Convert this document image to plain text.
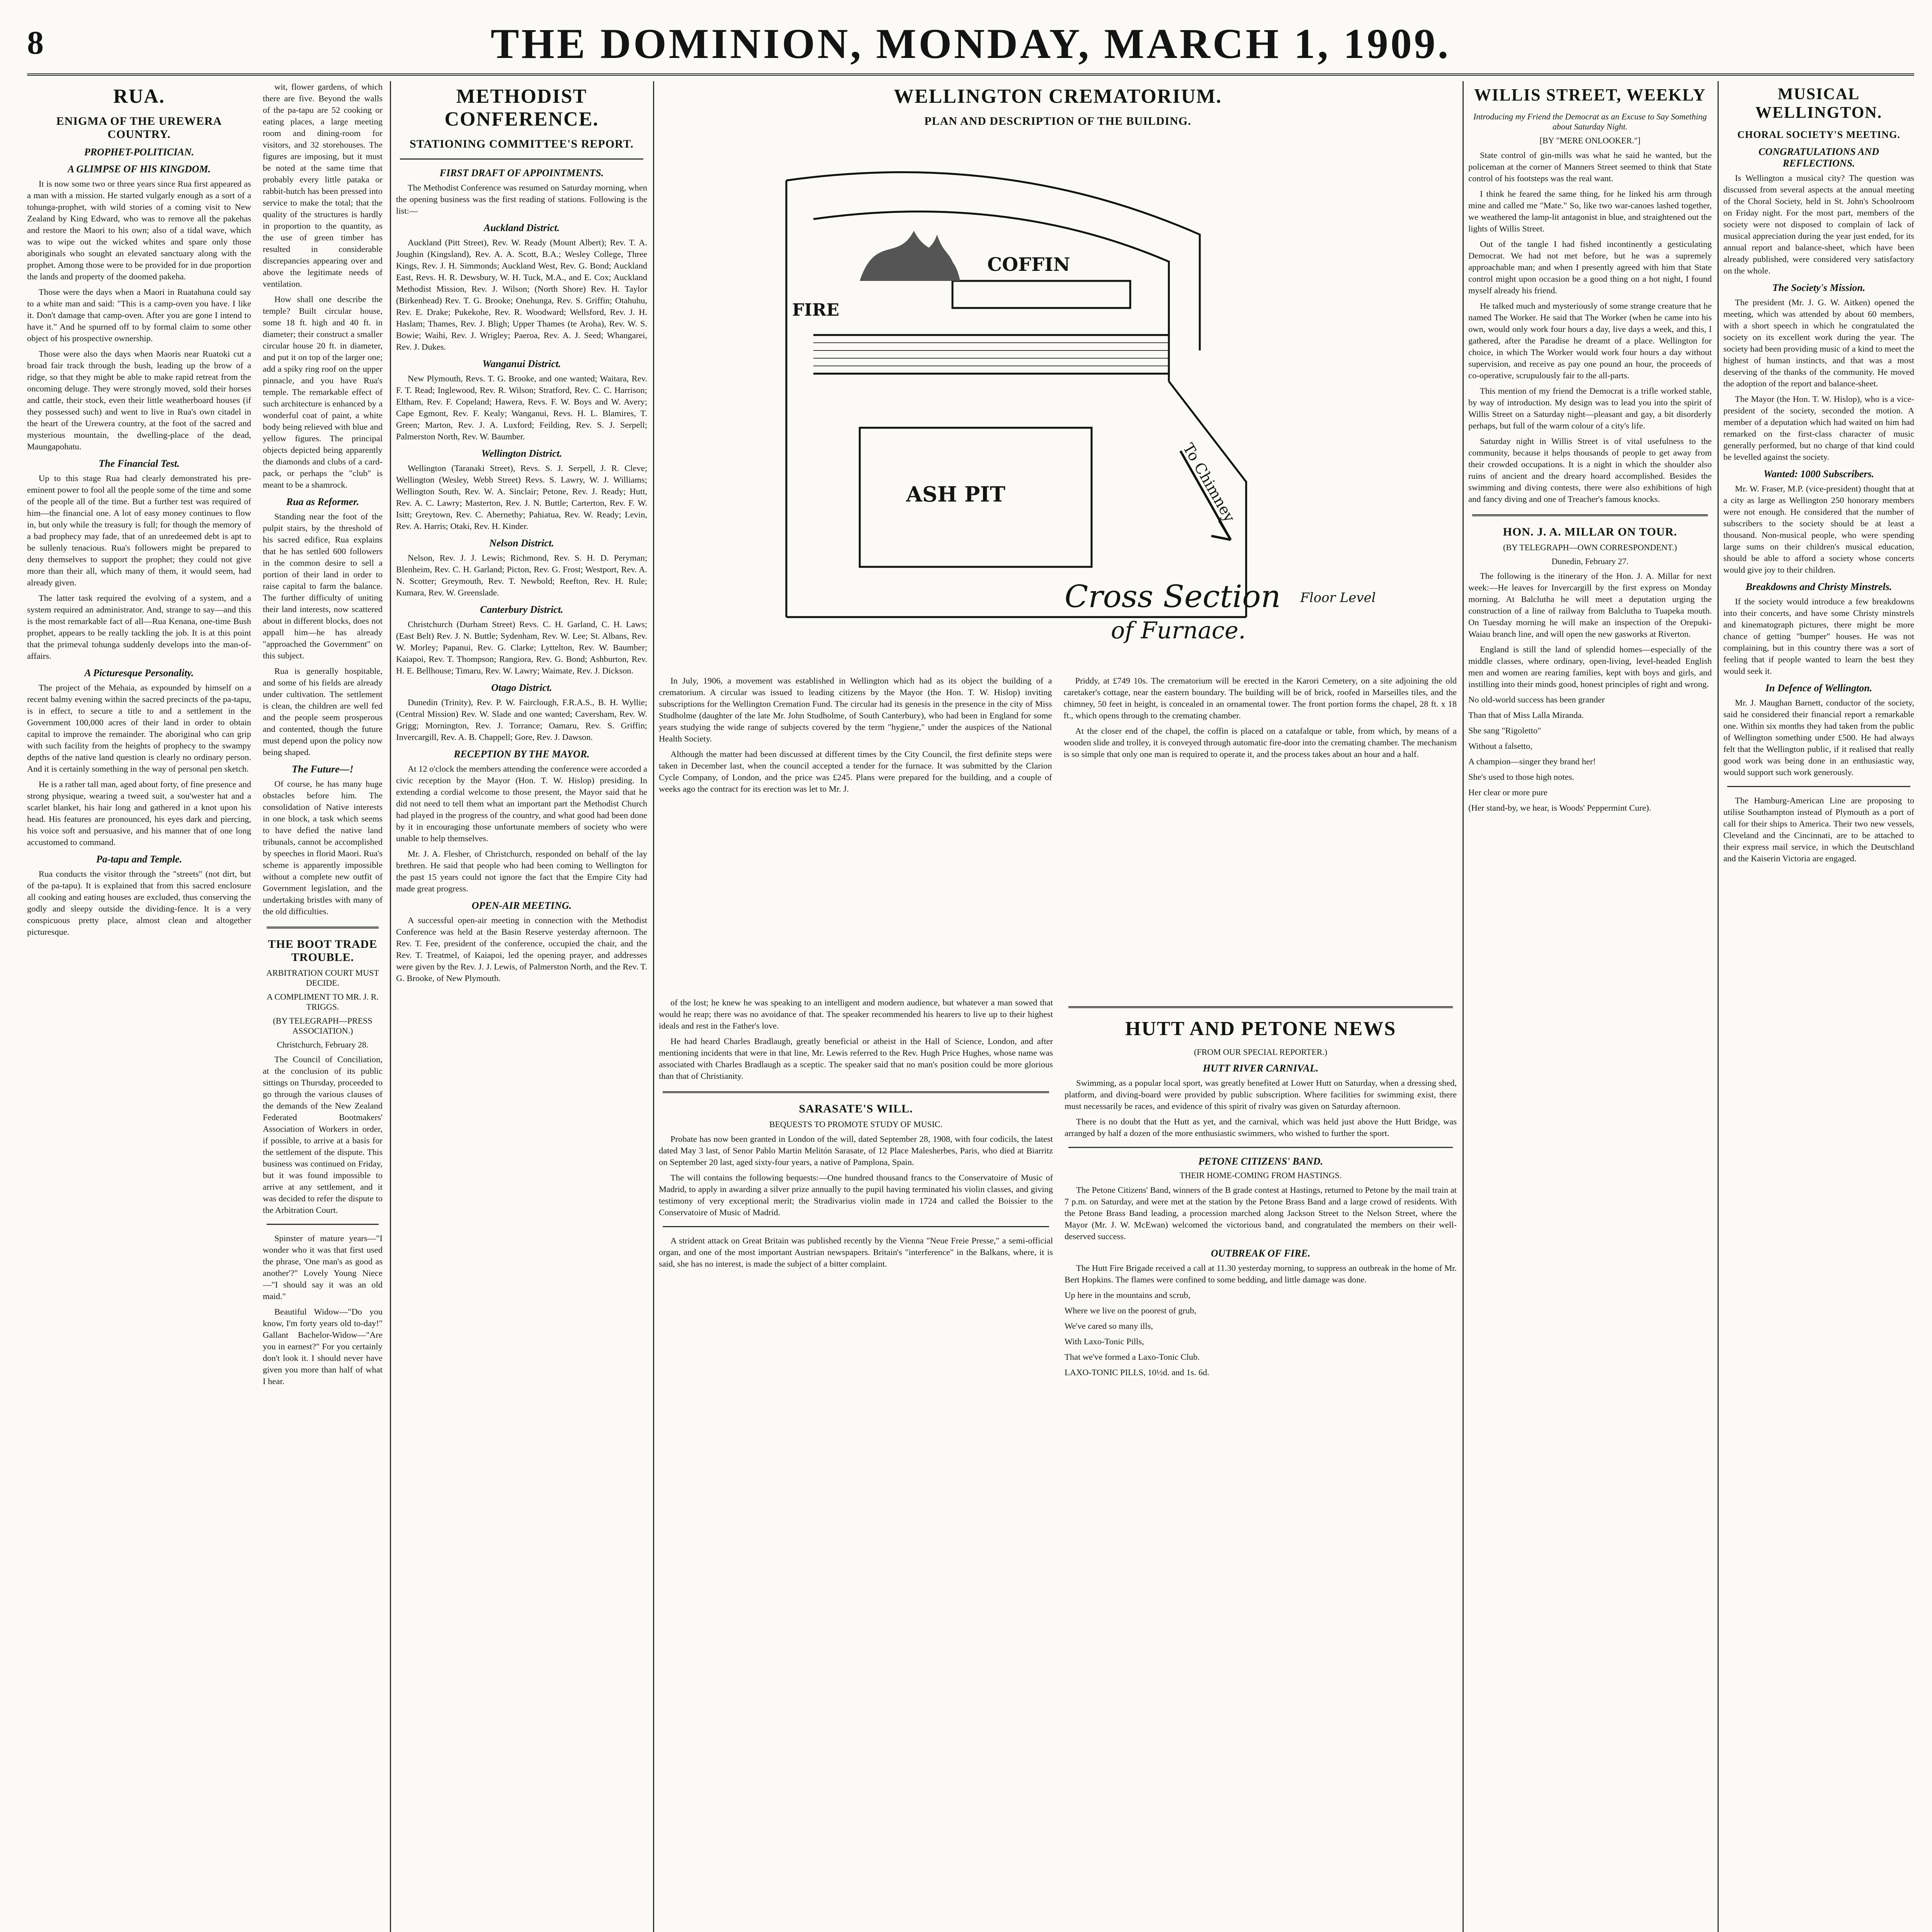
8	THE DOMINION, MONDAY, MARCH 1, 1909.
RUA.
ENIGMA OF THE UREWERA COUNTRY.
PROPHET-POLITICIAN.
A GLIMPSE OF HIS KINGDOM.

It is now some two or three years since Rua first appeared as a man with a mission. He started vulgarly enough as a sort of a tohunga-prophet, with wild stories of a coming visit to New Zealand by King Edward, who was to remove all the pakehas and restore the Maori to his own; also of a tidal wave, which was to wipe out the wicked whites and spare only those aboriginals who sought an elevated sanctuary along with the prophet. Among those were to be provided for in due proportion the lands and property of the doomed pakeha.

Those were the days when a Maori in Ruatahuna could say to a white man and said: "This is a camp-oven you have. I like it. Don't damage that camp-oven. After you are gone I intend to have it." And he spurned off to by formal claim to some other object of his prospective ownership.

Those were also the days when Maoris near Ruatoki cut a broad fair track through the bush, leading up the brow of a ridge, so that they might be able to make rapid retreat from the oncoming deluge. They were strongly moved, sold their horses and cattle, their stock, even their little weatherboard houses (if they possessed such) and went to live in Rua's own citadel in the heart of the Urewera country, at the foot of the sacred and mysterious mountain, the dwelling-place of the dead, Maungapohatu.

The Financial Test.

Up to this stage Rua had clearly demonstrated his pre-eminent power to fool all the people some of the time and some of the people all of the time. But a further test was required of him—the financial one. A lot of easy money continues to flow in, but only while the treasury is full; for though the memory of a bad prophecy may fade, that of an unredeemed debt is apt to be sullenly tenacious. Rua's followers might be prepared to deny themselves to support the prophet; they could not give more than their all, which many of them, it would seem, had already given.

The latter task required the evolving of a system, and a system required an administrator. And, strange to say—and this is the most remarkable fact of all—Rua Kenana, one-time Bush prophet, appears to be really tackling the job. It is at this point that the primeval tohunga suddenly develops into the man-of-affairs.

A Picturesque Personality.

The project of the Mehaia, as expounded by himself on a recent balmy evening within the sacred precincts of the pa-tapu, is in effect, to secure a title to and a settlement in the Government 100,000 acres of their land in order to obtain capital to improve the remainder. The aboriginal who can grip with such facility from the heights of prophecy to the swampy depths of the native land question is clearly no ordinary person. And it is certainly something in the way of personal pen sketch.

He is a rather tall man, aged about forty, of fine presence and strong physique, wearing a tweed suit, a sou'wester hat and a scarlet blanket, his hair long and gathered in a knot upon his head. His features are pronounced, his eyes dark and piercing, his voice soft and persuasive, and his manner that of one long accustomed to command.

Pa-tapu and Temple.

Rua conducts the visitor through the "streets" (not dirt, but of the pa-tapu). It is explained that from this sacred enclosure all cooking and eating houses are excluded, thus conserving the godly and sleepy outside the dividing-fence. It is a very conspicuous pretty place, almost clean and altogether picturesque.

wit, flower gardens, of which there are five. Beyond the walls of the pa-tapu are 52 cooking or eating places, a large meeting room and dining-room for visitors, and 32 storehouses. The figures are imposing, but it must be noted at the same time that probably every little pataka or rabbit-hutch has been pressed into service to make the total; that the quality of the structures is hardly in proportion to the quantity, as the use of green timber has resulted in considerable discrepancies appearing over and above the legitimate needs of ventilation.

How shall one describe the temple? Built circular house, some 18 ft. high and 40 ft. in diameter; their construct a smaller circular house 20 ft. in diameter, and put it on top of the larger one; add a spiky ring roof on the upper pinnacle, and you have Rua's temple. The remarkable effect of such architecture is enhanced by a wonderful coat of paint, a white body being relieved with blue and yellow figures. The principal objects depicted being apparently the diamonds and clubs of a card-pack, or perhaps the "club" is meant to be a shamrock.

Rua as Reformer.

Standing near the foot of the pulpit stairs, by the threshold of his sacred edifice, Rua explains that he has settled 600 followers in the common desire to sell a portion of their land in order to raise capital to farm the balance. The further difficulty of uniting their land interests, now scattered about in different blocks, does not appall him—he has already "approached the Government" on this subject.

Rua is generally hospitable, and some of his fields are already under cultivation. The settlement is clean, the children are well fed and the people seem prosperous and contented, though the future must depend upon the policy now being shaped.

The Future—!

Of course, he has many huge obstacles before him. The consolidation of Native interests in one block, a task which seems to have defied the native land tribunals, cannot be accomplished by speeches in florid Maori. Rua's scheme is apparently impossible without a complete new outfit of Government legislation, and the undertaking bristles with many of the old difficulties.

THE BOOT TRADE TROUBLE.
ARBITRATION COURT MUST DECIDE.
A COMPLIMENT TO MR. J. R. TRIGGS.
(BY TELEGRAPH—PRESS ASSOCIATION.)
Christchurch, February 28.

The Council of Conciliation, at the conclusion of its public sittings on Thursday, proceeded to go through the various clauses of the demands of the New Zealand Federated Bootmakers' Association of Workers in order, if possible, to arrive at a basis for the settlement of the dispute. This business was continued on Friday, but it was found impossible to arrive at any settlement, and it was decided to refer the dispute to the Arbitration Court.

Spinster of mature years—"I wonder who it was that first used the phrase, 'One man's as good as another'?" Lovely Young Niece—"I should say it was an old maid."

Beautiful Widow—"Do you know, I'm forty years old to-day!" Gallant Bachelor-Widow—"Are you in earnest?" For you certainly don't look it. I should never have given you more than half of what I hear.

METHODIST CONFERENCE.
STATIONING COMMITTEE'S REPORT.
FIRST DRAFT OF APPOINTMENTS.

The Methodist Conference was resumed on Saturday morning, when the opening business was the first reading of stations. Following is the list:—

Auckland District.

Auckland (Pitt Street), Rev. W. Ready (Mount Albert); Rev. T. A. Joughin (Kingsland), Rev. A. A. Scott, B.A.; Wesley College, Three Kings, Rev. J. H. Simmonds; Auckland West, Rev. G. Bond; Auckland East, Revs. H. R. Dewsbury, W. H. Tuck, M.A., and E. Cox; Auckland Methodist Mission, Rev. J. Wilson; (North Shore) Rev. H. Taylor (Birkenhead) Rev. T. G. Brooke; Onehunga, Rev. S. Griffin; Otahuhu, Rev. E. Drake; Pukekohe, Rev. R. Woodward; Wellsford, Rev. J. H. Haslam; Thames, Rev. J. Bligh; Upper Thames (te Aroha), Rev. W. S. Bowie; Waihi, Rev. J. Wrigley; Paeroa, Rev. A. J. Seed; Whangarei, Rev. J. Dukes.

Wanganui District.

New Plymouth, Revs. T. G. Brooke, and one wanted; Waitara, Rev. F. T. Read; Inglewood, Rev. R. Wilson; Stratford, Rev. C. C. Harrison; Eltham, Rev. F. Copeland; Hawera, Revs. F. W. Boys and W. Avery; Cape Egmont, Rev. F. Kealy; Wanganui, Revs. H. L. Blamires, T. Green; Marton, Rev. J. A. Luxford; Feilding, Rev. S. J. Serpell; Palmerston North, Rev. W. Baumber.

Wellington District.

Wellington (Taranaki Street), Revs. S. J. Serpell, J. R. Cleve; Wellington (Wesley, Webb Street) Revs. S. Lawry, W. J. Williams; Wellington South, Rev. W. A. Sinclair; Petone, Rev. J. Ready; Hutt, Rev. A. C. Lawry; Masterton, Rev. J. N. Buttle; Carterton, Rev. F. W. Isitt; Greytown, Rev. C. Abernethy; Pahiatua, Rev. W. Ready; Levin, Rev. A. Harris; Otaki, Rev. H. Kinder.

Nelson District.

Nelson, Rev. J. J. Lewis; Richmond, Rev. S. H. D. Peryman; Blenheim, Rev. C. H. Garland; Picton, Rev. G. Frost; Westport, Rev. A. N. Scotter; Greymouth, Rev. T. Newbold; Reefton, Rev. H. Rule; Kumara, Rev. W. Greenslade.

Canterbury District.

Christchurch (Durham Street) Revs. C. H. Garland, C. H. Laws; (East Belt) Rev. J. N. Buttle; Sydenham, Rev. W. Lee; St. Albans, Rev. W. Morley; Papanui, Rev. G. Clarke; Lyttelton, Rev. W. Baumber; Kaiapoi, Rev. T. Thompson; Rangiora, Rev. G. Bond; Ashburton, Rev. H. E. Bellhouse; Timaru, Rev. W. Lawry; Waimate, Rev. J. Dickson.

Otago District.

Dunedin (Trinity), Rev. P. W. Fairclough, F.R.A.S., B. H. Wyllie; (Central Mission) Rev. W. Slade and one wanted; Caversham, Rev. W. Grigg; Mornington, Rev. J. Torrance; Oamaru, Rev. S. Griffin; Invercargill, Rev. A. B. Chappell; Gore, Rev. J. Dawson.

RECEPTION BY THE MAYOR.

At 12 o'clock the members attending the conference were accorded a civic reception by the Mayor (Hon. T. W. Hislop) presiding. In extending a cordial welcome to those present, the Mayor said that he did not need to tell them what an important part the Methodist Church had played in the progress of the country, and what good had been done by it in encouraging those unfortunate members of society who were unable to help themselves.

Mr. J. A. Flesher, of Christchurch, responded on behalf of the lay brethren. He said that people who had been coming to Wellington for the past 15 years could not ignore the fact that the Empire City had made great progress.

OPEN-AIR MEETING.

A successful open-air meeting in connection with the Methodist Conference was held at the Basin Reserve yesterday afternoon. The Rev. T. Fee, president of the conference, occupied the chair, and the Rev. T. Treatmel, of Kaiapoi, led the opening prayer, and addresses were given by the Rev. J. J. Lewis, of Palmerston North, and the Rev. T. G. Brooke, of New Plymouth.

WELLINGTON CREMATORIUM.
PLAN AND DESCRIPTION OF THE BUILDING.
COFFIN
FIRE
ASH PIT	To Chimney
Floor Level
Cross Section
of Furnace.

In July, 1906, a movement was established in Wellington which had as its object the building of a crematorium. A circular was issued to leading citizens by the Mayor (the Hon. T. W. Hislop) inviting subscriptions for the Wellington Cremation Fund. The circular had its genesis in the presence in the city of Miss Studholme (daughter of the late Mr. John Studholme, of South Canterbury), who had been in England for some years studying the wide range of subjects covered by the term "hygiene," under the auspices of the National Health Society.

Although the matter had been discussed at different times by the City Council, the first definite steps were taken in December last, when the council accepted a tender for the furnace. It was submitted by the Clarion Cycle Company, of London, and the price was £245. Plans were prepared for the building, and a couple of weeks ago the contract for its erection was let to Mr. J.

Priddy, at £749 10s. The crematorium will be erected in the Karori Cemetery, on a site adjoining the old caretaker's cottage, near the eastern boundary. The building will be of brick, roofed in Marseilles tiles, and the chimney, 50 feet in height, is concealed in an ornamental tower. The front portion forms the chapel, 28 ft. x 18 ft., which opens through to the cremating chamber.

At the closer end of the chapel, the coffin is placed on a catafalque or table, from which, by means of a wooden slide and trolley, it is conveyed through automatic fire-door into the cremating chamber. The mechanism is so simple that only one man is required to operate it, and the process takes about an hour and a half.

of the lost; he knew he was speaking to an intelligent and modern audience, but whatever a man sowed that would he reap; there was no avoidance of that. The speaker recommended his hearers to live up to their highest ideals and rest in the Father's love.

He had heard Charles Bradlaugh, greatly beneficial or atheist in the Hall of Science, London, and after mentioning incidents that were in that line, Mr. Lewis referred to the Rev. Hugh Price Hughes, whose name was associated with Charles Bradlaugh as a sceptic. The speaker said that no man's position could be more glorious than that of Christianity.

SARASATE'S WILL.
BEQUESTS TO PROMOTE STUDY OF MUSIC.

Probate has now been granted in London of the will, dated September 28, 1908, with four codicils, the latest dated May 3 last, of Senor Pablo Martin Melitón Sarasate, of 12 Place Malesherbes, Paris, who died at Biarritz on September 20 last, aged sixty-four years, a native of Pamplona, Spain.

The will contains the following bequests:—One hundred thousand francs to the Conservatoire of Music of Madrid, to apply in awarding a silver prize annually to the pupil having terminated his violin classes, and giving testimony of very exceptional merit; the Stradivarius violin made in 1724 and called the Boissier to the Conservatoire of Music of Madrid.

A strident attack on Great Britain was published recently by the Vienna "Neue Freie Presse," a semi-official organ, and one of the most important Austrian newspapers. Britain's "interference" in the Balkans, where, it is said, she has no interest, is made the subject of a bitter complaint.

HUTT AND PETONE NEWS
(FROM OUR SPECIAL REPORTER.)
HUTT RIVER CARNIVAL.

Swimming, as a popular local sport, was greatly benefited at Lower Hutt on Saturday, when a dressing shed, platform, and diving-board were provided by public subscription. Where facilities for swimming exist, there must necessarily be races, and evidence of this spirit of rivalry was given on Saturday afternoon.

There is no doubt that the Hutt as yet, and the carnival, which was held just above the Hutt Bridge, was arranged by half a dozen of the more enthusiastic swimmers, who wished to further the sport.

PETONE CITIZENS' BAND.
THEIR HOME-COMING FROM HASTINGS.

The Petone Citizens' Band, winners of the B grade contest at Hastings, returned to Petone by the mail train at 7 p.m. on Saturday, and were met at the station by the Petone Brass Band and a large crowd of residents. With the Petone Brass Band leading, a procession marched along Jackson Street to the Nelson Street, where the Mayor (Mr. J. W. McEwan) welcomed the victorious band, and congratulated the members on their well-deserved success.

OUTBREAK OF FIRE.

The Hutt Fire Brigade received a call at 11.30 yesterday morning, to suppress an outbreak in the home of Mr. Bert Hopkins. The flames were confined to some bedding, and little damage was done.

Up here in the mountains and scrub,

Where we live on the poorest of grub,

We've cared so many ills,

With Laxo-Tonic Pills,

That we've formed a Laxo-Tonic Club.

LAXO-TONIC PILLS, 10½d. and 1s. 6d.

WILLIS STREET, WEEKLY
Introducing my Friend the Democrat as an Excuse to Say Something about Saturday Night.
[BY "MERE ONLOOKER."]

State control of gin-mills was what he said he wanted, but the policeman at the corner of Manners Street seemed to think that State control of his footsteps was the real want.

I think he feared the same thing, for he linked his arm through mine and called me "Mate." So, like two war-canoes lashed together, we weathered the lamp-lit antagonist in blue, and straightened out the lights of Willis Street.

Out of the tangle I had fished incontinently a gesticulating Democrat. We had not met before, but he was a supremely approachable man; and when I presently agreed with him that State control might upon occasion be a good thing on a hot night, I found myself already his friend.

He talked much and mysteriously of some strange creature that he named The Worker. He said that The Worker (when he came into his own, would only work four hours a day, live days a week, and this, I gathered, after the Paradise he dreamt of a place. Wellington for choice, in which The Worker would work four hours a day without supervision, and receive as pay one pound an hour, the proceeds of co-operative, scrupulously fair to the all-parts.

This mention of my friend the Democrat is a trifle worked stable, by way of introduction. My design was to lead you into the spirit of Willis Street on a Saturday night—pleasant and gay, a bit disorderly perhaps, but full of the warm colour of a city's life.

Saturday night in Willis Street is of vital usefulness to the community, because it helps thousands of people to get away from their crowded occupations. It is a night in which the shoulder also ruins of ancient and the dreary hoard accomplished. Besides the swimming and diving contests, there were also exhibitions of high and fancy diving and one of Treacher's famous knocks.

HON. J. A. MILLAR ON TOUR.
(BY TELEGRAPH—OWN CORRESPONDENT.)
Dunedin, February 27.

The following is the itinerary of the Hon. J. A. Millar for next week:—He leaves for Invercargill by the first express on Monday morning. At Balclutha he will meet a deputation urging the construction of a line of railway from Balclutha to Tuapeka mouth. On Tuesday morning he will make an inspection of the Orepuki-Waiau branch line, and will open the new gasworks at Riverton.

England is still the land of splendid homes—especially of the middle classes, where ordinary, open-living, level-headed English men and women are rearing families, kept with boys and girls, and instilling into their minds good, honest principles of right and wrong.

No old-world success has been grander

Than that of Miss Lalla Miranda.

She sang "Rigoletto"

Without a falsetto,

A champion—singer they brand her!

She's used to those high notes.

Her clear or more pure

(Her stand-by, we hear, is Woods' Peppermint Cure).

MUSICAL WELLINGTON.
CHORAL SOCIETY'S MEETING.
CONGRATULATIONS AND REFLECTIONS.

Is Wellington a musical city? The question was discussed from several aspects at the annual meeting of the Choral Society, held in St. John's Schoolroom on Friday night. For the most part, members of the society were not disposed to complain of lack of musical appreciation during the year just ended, for its annual report and balance-sheet, which have been already published, were considered very satisfactory on the whole.

The Society's Mission.

The president (Mr. J. G. W. Aitken) opened the meeting, which was attended by about 60 members, with a short speech in which he congratulated the society on its excellent work during the year. The society had been providing music of a kind to meet the highest of human instincts, and that was a most deserving of the thanks of the community. He moved the adoption of the report and balance-sheet.

The Mayor (the Hon. T. W. Hislop), who is a vice-president of the society, seconded the motion. A member of a deputation which had waited on him had remarked on the first-class character of music generally performed, but no charge of that kind could be levelled against the society.

Wanted: 1000 Subscribers.

Mr. W. Fraser, M.P. (vice-president) thought that at a city as large as Wellington 250 honorary members were not enough. He considered that the number of subscribers to the society should be at least a thousand. Non-musical people, who were spending large sums on their children's musical education, should be able to afford a society whose concerts would give joy to their children.

Breakdowns and Christy Minstrels.

If the society would introduce a few breakdowns into their concerts, and have some Christy minstrels and kinematograph pictures, there might be more chance of getting "bumper" houses. He was not complaining, but in this country there was a sort of feeling that if people wanted to learn the best they would seek it.

In Defence of Wellington.

Mr. J. Maughan Barnett, conductor of the society, said he considered their financial report a remarkable one. Within six months they had taken from the public of Wellington something under £500. He had always felt that the Wellington public, if it realised that really good work was being done in an enthusiastic way, would support such work generously.

The Hamburg-American Line are proposing to utilise Southampton instead of Plymouth as a port of call for their ships to America. Their two new vessels, Cleveland and the Cincinnati, are to be attached to their express mail service, in which the Deutschland and the Kaiserin Victoria are engaged.
